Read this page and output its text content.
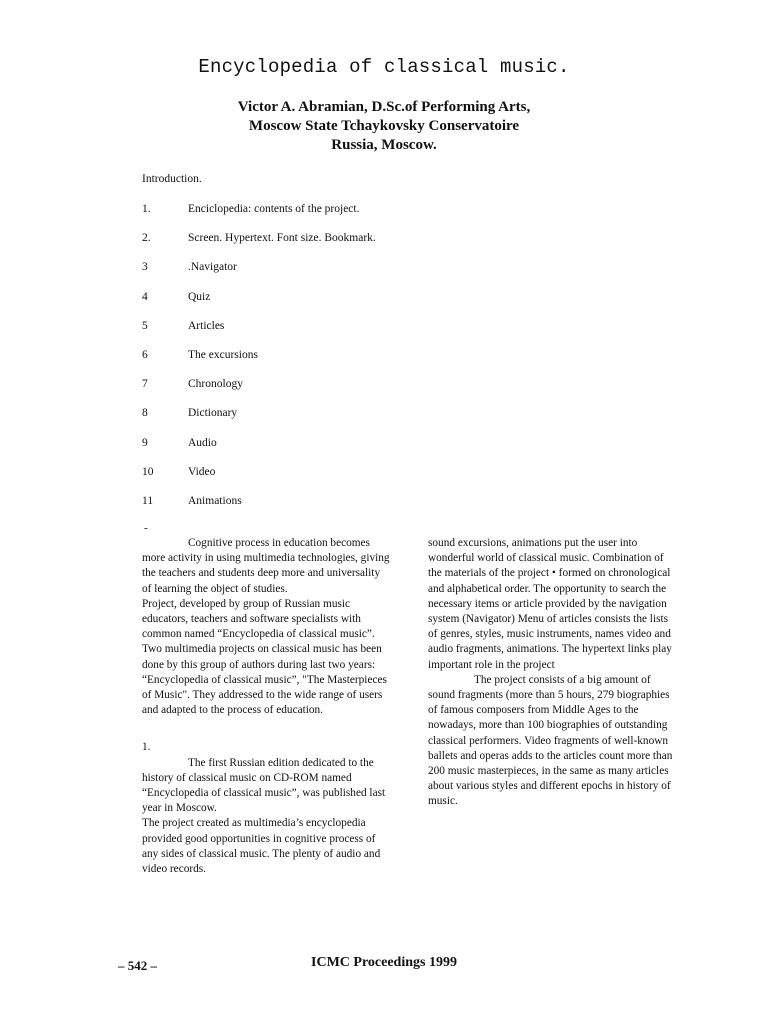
Encyclopedia of classical music.
Victor A. Abramian, D.Sc.of Performing Arts,
Moscow State Tchaykovsky Conservatoire
Russia, Moscow.
Introduction.
1.	Enciclopedia: contents of the project.
2.	Screen. Hypertext. Font size. Bookmark.
3	.Navigator
4	Quiz
5	Articles
6	The excursions
7	Chronology
8	Dictionary
9	Audio
10	Video
11	Animations
-

Cognitive process in education becomes more activity in using multimedia technologies, giving the teachers and students deep more and universality of learning the object of studies.

Project, developed by group of Russian music educators, teachers and software specialists with common named “Encyclopedia of classical music”.

Two multimedia projects on classical music has been done by this group of authors during last two years: “Encyclopedia of classical music”, "The Masterpieces of Music". They addressed to the wide range of users and adapted to the process of education.

1.

The first Russian edition dedicated to the history of classical music on CD-ROM named “Encyclopedia of classical music”, was published last year in Moscow.

The project created as multimedia’s encyclopedia provided good opportunities in cognitive process of any sides of classical music. The plenty of audio and video records.

sound excursions, animations put the user into wonderful world of classical music. Combination of the materials of the project • formed on chronological and alphabetical order. The opportunity to search the necessary items or article provided by the navigation system (Navigator) Menu of articles consists the lists of genres, styles, music instruments, names video and audio fragments, animations. The hypertext links play important role in the project

The project consists of a big amount of sound fragments (more than 5 hours, 279 biographies of famous composers from Middle Ages to the nowadays, more than 100 biographies of outstanding classical performers. Video fragments of well-known ballets and operas adds to the articles count more than 200 music masterpieces, in the same as many articles about various styles and different epochs in history of music.

– 542 –	ICMC Proceedings 1999
